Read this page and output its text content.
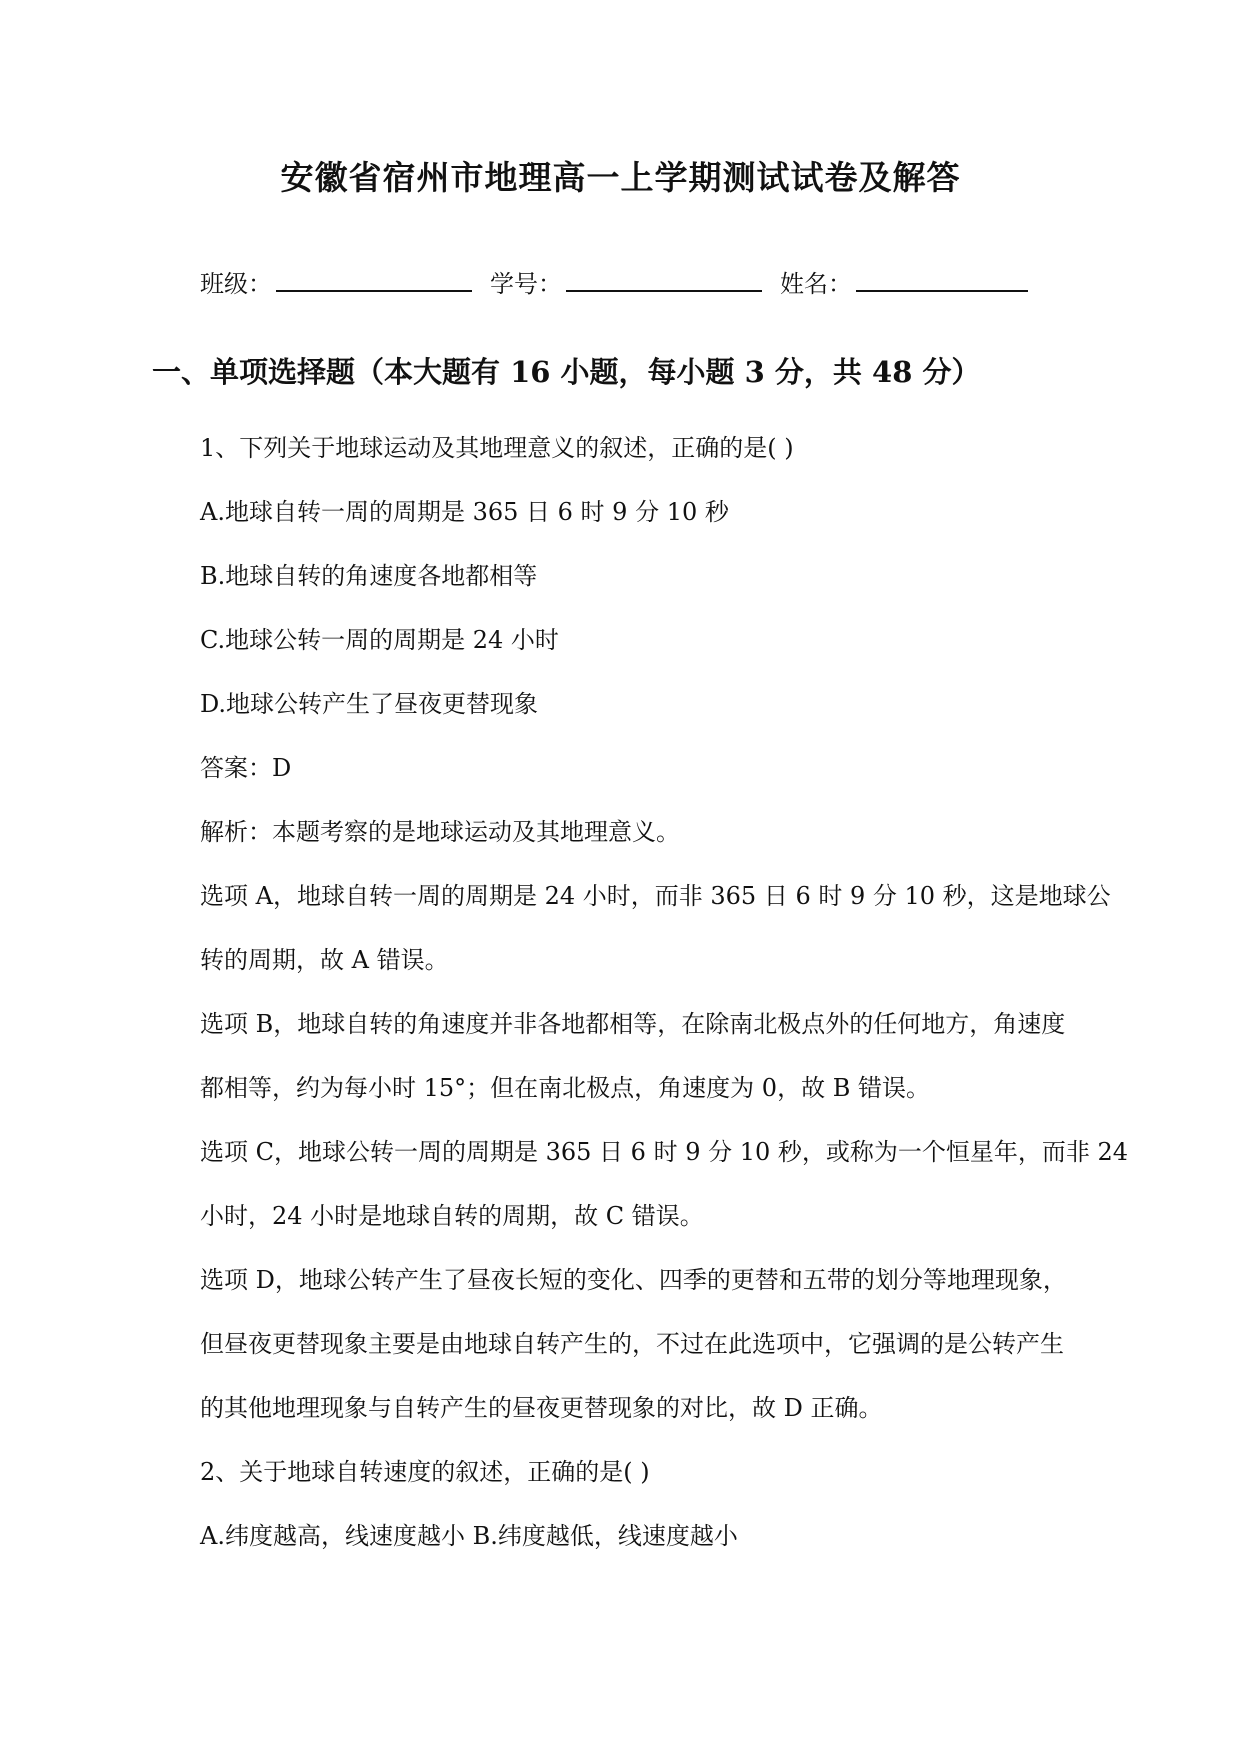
安徽省宿州市地理高一上学期测试试卷及解答
班级：	学号：	姓名：
一、单项选择题（本大题有 16 小题，每小题 3 分，共 48 分）
1、下列关于地球运动及其地理意义的叙述，正确的是( )
A.地球自转一周的周期是 365 日 6 时 9 分 10 秒
B.地球自转的角速度各地都相等
C.地球公转一周的周期是 24 小时
D.地球公转产生了昼夜更替现象
答案：D
解析：本题考察的是地球运动及其地理意义。
选项 A，地球自转一周的周期是 24 小时，而非 365 日 6 时 9 分 10 秒，这是地球公
转的周期，故 A 错误。
选项 B，地球自转的角速度并非各地都相等，在除南北极点外的任何地方，角速度
都相等，约为每小时 15°；但在南北极点，角速度为 0，故 B 错误。
选项 C，地球公转一周的周期是 365 日 6 时 9 分 10 秒，或称为一个恒星年，而非 24
小时，24 小时是地球自转的周期，故 C 错误。
选项 D，地球公转产生了昼夜长短的变化、四季的更替和五带的划分等地理现象，
但昼夜更替现象主要是由地球自转产生的，不过在此选项中，它强调的是公转产生
的其他地理现象与自转产生的昼夜更替现象的对比，故 D 正确。
2、关于地球自转速度的叙述，正确的是( )
A.纬度越高，线速度越小 B.纬度越低，线速度越小
